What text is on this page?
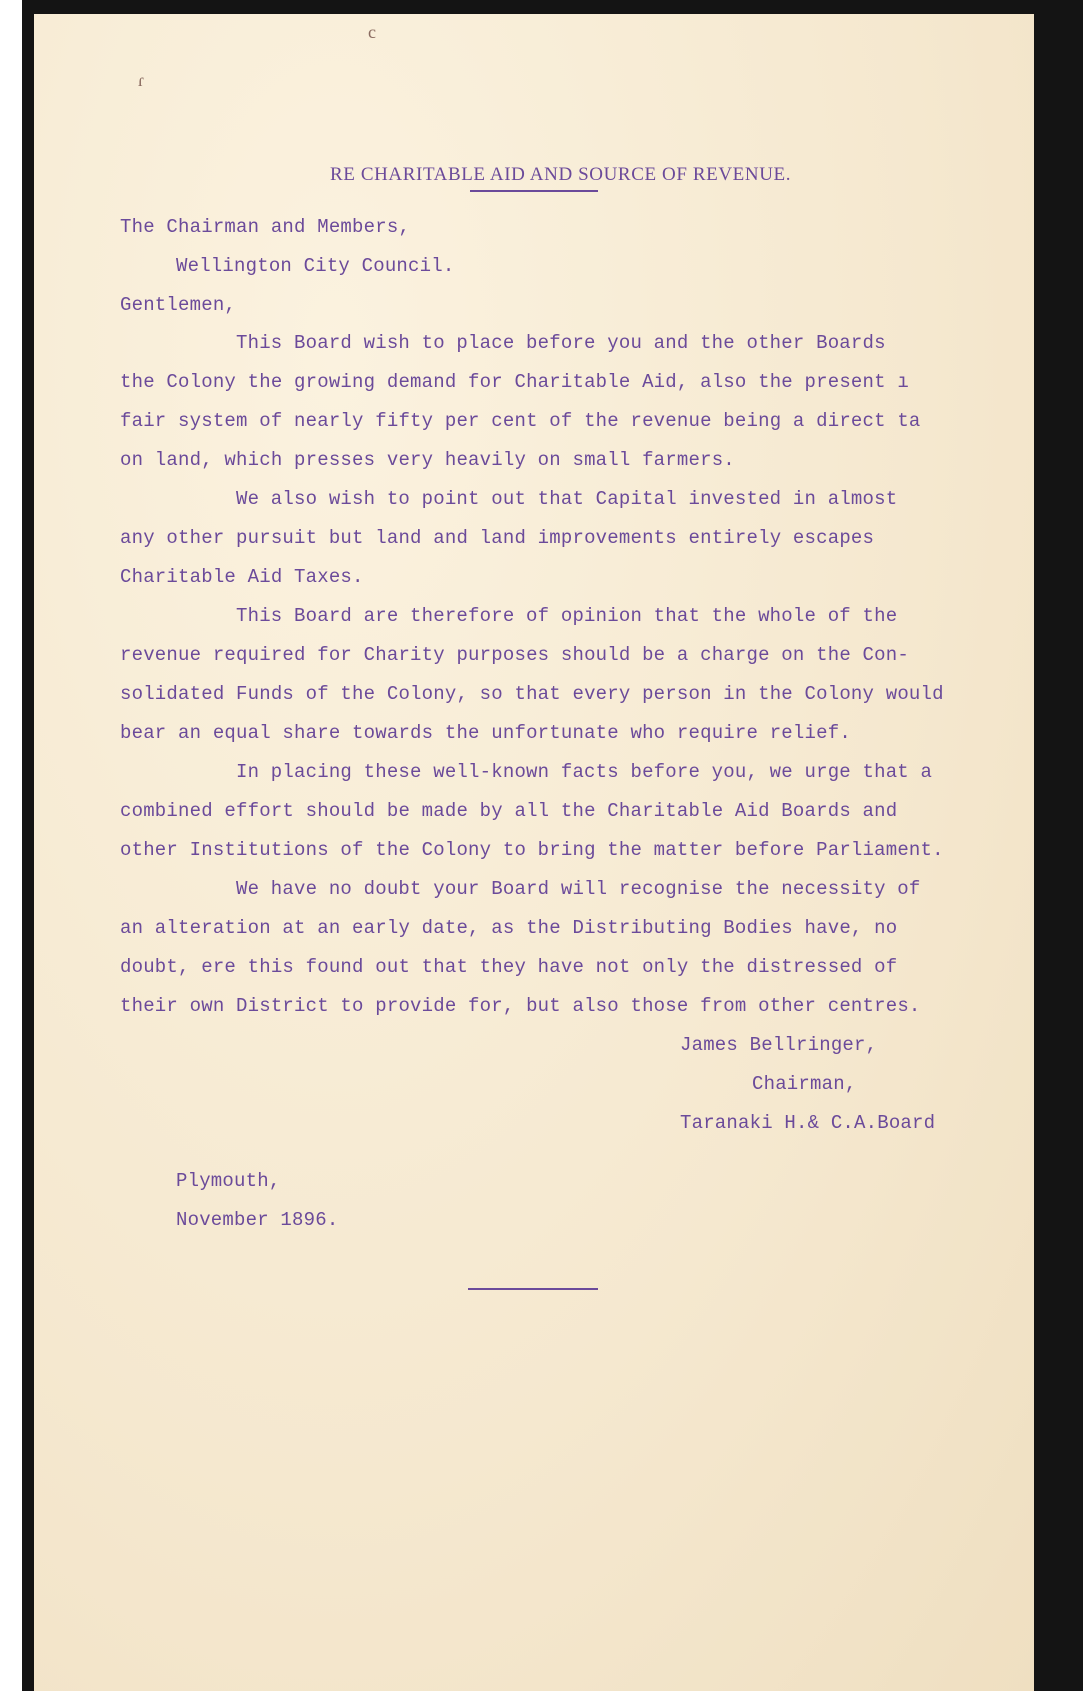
c
ɾ
RE CHARITABLE AID AND SOURCE OF REVENUE.
The Chairman and Members,
Wellington City Council.
Gentlemen,
This Board wish to place before you and the other Boards
the Colony the growing demand for Charitable Aid, also the present ı
fair system of nearly fifty per cent of the revenue being a direct ta
on land, which presses very heavily on small farmers.
We also wish to point out that Capital invested in almost
any other pursuit but land and land improvements entirely escapes
Charitable Aid Taxes.
This Board are therefore of opinion that the whole of the
revenue required for Charity purposes should be a charge on the Con-
solidated Funds of the Colony, so that every person in the Colony would
bear an equal share towards the unfortunate who require relief.
In placing these well-known facts before you, we urge that a
combined effort should be made by all the Charitable Aid Boards and
other Institutions of the Colony to bring the matter before Parliament.
We have no doubt your Board will recognise the necessity of
an alteration at an early date, as the Distributing Bodies have, no
doubt, ere this found out that they have not only the distressed of
their own District to provide for, but also those from other centres.
James Bellringer,
Chairman,
Taranaki H.& C.A.Board
Plymouth,
November 1896.
